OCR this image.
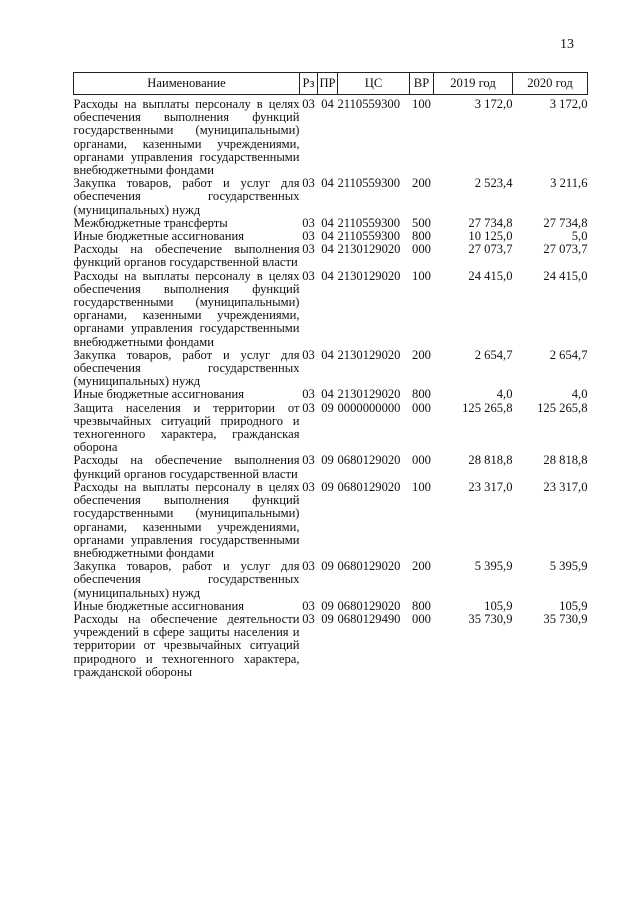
13
Наименование	Рз	ПР	ЦС	ВР	2019 год	2020 год
Расходы на выплаты персоналу в целях обеспечения выполнения функций государственными (муниципальными) органами, казенными учреждениями, органами управления государственными внебюджетными фондами	03	04	2110559300	100	3 172,0	3 172,0
Закупка товаров, работ и услуг для обеспечения государственных (муниципальных) нужд	03	04	2110559300	200	2 523,4	3 211,6
Межбюджетные трансферты	03	04	2110559300	500	27 734,8	27 734,8
Иные бюджетные ассигнования	03	04	2110559300	800	10 125,0	5,0
Расходы на обеспечение выполнения функций органов государственной власти	03	04	2130129020	000	27 073,7	27 073,7
Расходы на выплаты персоналу в целях обеспечения выполнения функций государственными (муниципальными) органами, казенными учреждениями, органами управления государственными внебюджетными фондами	03	04	2130129020	100	24 415,0	24 415,0
Закупка товаров, работ и услуг для обеспечения государственных (муниципальных) нужд	03	04	2130129020	200	2 654,7	2 654,7
Иные бюджетные ассигнования	03	04	2130129020	800	4,0	4,0
Защита населения и территории от чрезвычайных ситуаций природного и техногенного характера, гражданская оборона	03	09	0000000000	000	125 265,8	125 265,8
Расходы на обеспечение выполнения функций органов государственной власти	03	09	0680129020	000	28 818,8	28 818,8
Расходы на выплаты персоналу в целях обеспечения выполнения функций государственными (муниципальными) органами, казенными учреждениями, органами управления государственными внебюджетными фондами	03	09	0680129020	100	23 317,0	23 317,0
Закупка товаров, работ и услуг для обеспечения государственных (муниципальных) нужд	03	09	0680129020	200	5 395,9	5 395,9
Иные бюджетные ассигнования	03	09	0680129020	800	105,9	105,9
Расходы на обеспечение деятельности учреждений в сфере защиты населения и территории от чрезвычайных ситуаций природного и техногенного характера, гражданской обороны	03	09	0680129490	000	35 730,9	35 730,9
